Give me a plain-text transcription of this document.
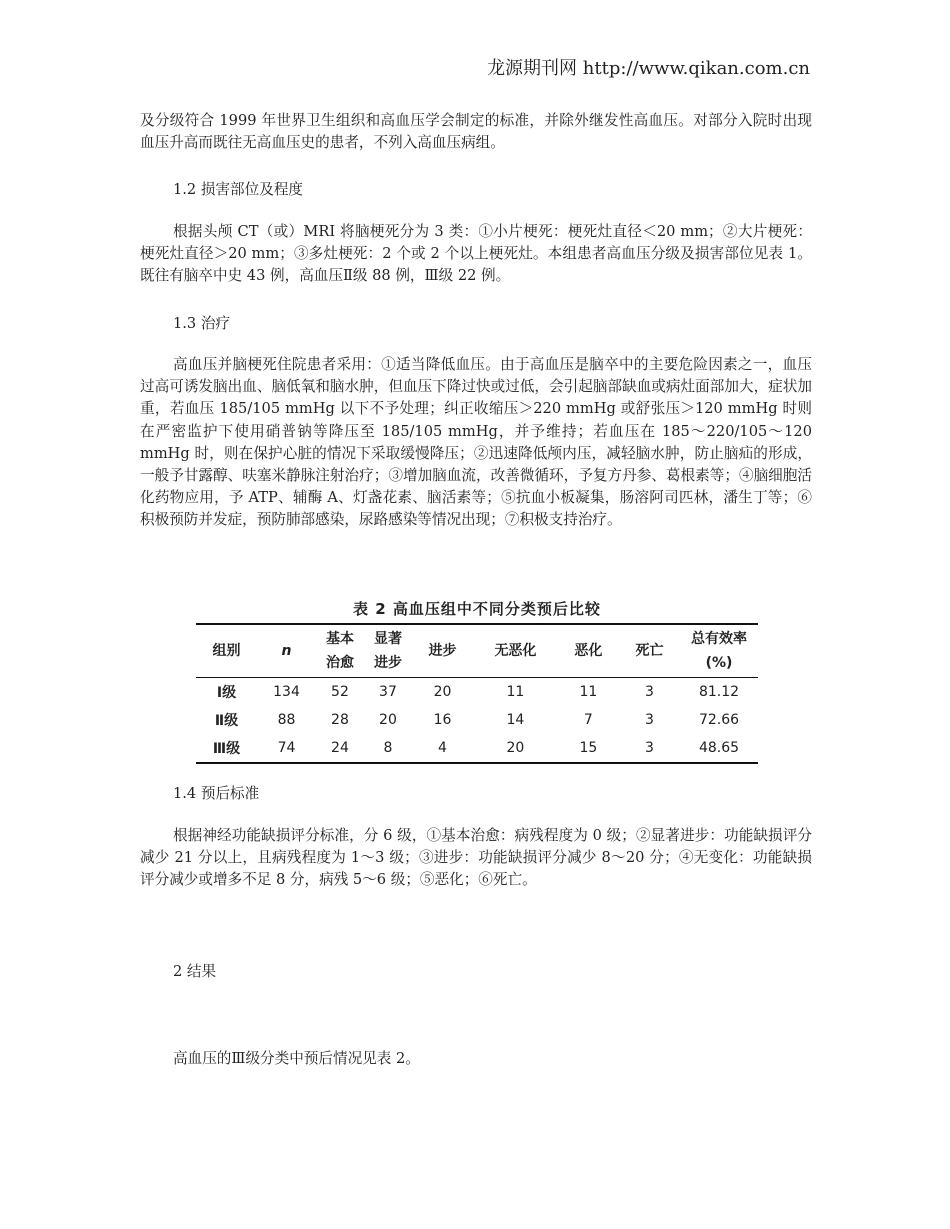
龙源期刊网 http://www.qikan.com.cn
及分级符合 1999 年世界卫生组织和高血压学会制定的标准，并除外继发性高血压。对部分入院时出现血压升高而既往无高血压史的患者，不列入高血压病组。
1.2 损害部位及程度
根据头颅 CT（或）MRI 将脑梗死分为 3 类：①小片梗死：梗死灶直径＜20 mm；②大片梗死：梗死灶直径＞20 mm；③多灶梗死：2 个或 2 个以上梗死灶。本组患者高血压分级及损害部位见表 1。既往有脑卒中史 43 例，高血压Ⅱ级 88 例，Ⅲ级 22 例。
1.3 治疗
高血压并脑梗死住院患者采用：①适当降低血压。由于高血压是脑卒中的主要危险因素之一，血压过高可诱发脑出血、脑低氧和脑水肿，但血压下降过快或过低，会引起脑部缺血或病灶面部加大，症状加重，若血压 185/105 mmHg 以下不予处理；纠正收缩压＞220 mmHg 或舒张压＞120 mmHg 时则在严密监护下使用硝普钠等降压至 185/105 mmHg，并予维持；若血压在 185～220/105～120 mmHg 时，则在保护心脏的情况下采取缓慢降压；②迅速降低颅内压，减轻脑水肿，防止脑疝的形成，一般予甘露醇、呋塞米静脉注射治疗；③增加脑血流，改善微循环，予复方丹参、葛根素等；④脑细胞活化药物应用，予 ATP、辅酶 A、灯盏花素、脑活素等；⑤抗血小板凝集，肠溶阿司匹林，潘生丁等；⑥积极预防并发症，预防肺部感染，尿路感染等情况出现；⑦积极支持治疗。
表 2 高血压组中不同分类预后比较
组别	n	基本治愈	显著进步	进步	无恶化	恶化	死亡	总有效率(%)
Ⅰ级	134	52	37	20	11	11	3	81.12
Ⅱ级	88	28	20	16	14	7	3	72.66
Ⅲ级	74	24	8	4	20	15	3	48.65
1.4 预后标准
根据神经功能缺损评分标准，分 6 级，①基本治愈：病残程度为 0 级；②显著进步：功能缺损评分减少 21 分以上，且病残程度为 1～3 级；③进步：功能缺损评分减少 8～20 分；④无变化：功能缺损评分减少或增多不足 8 分，病残 5～6 级；⑤恶化；⑥死亡。
2 结果
高血压的Ⅲ级分类中预后情况见表 2。
